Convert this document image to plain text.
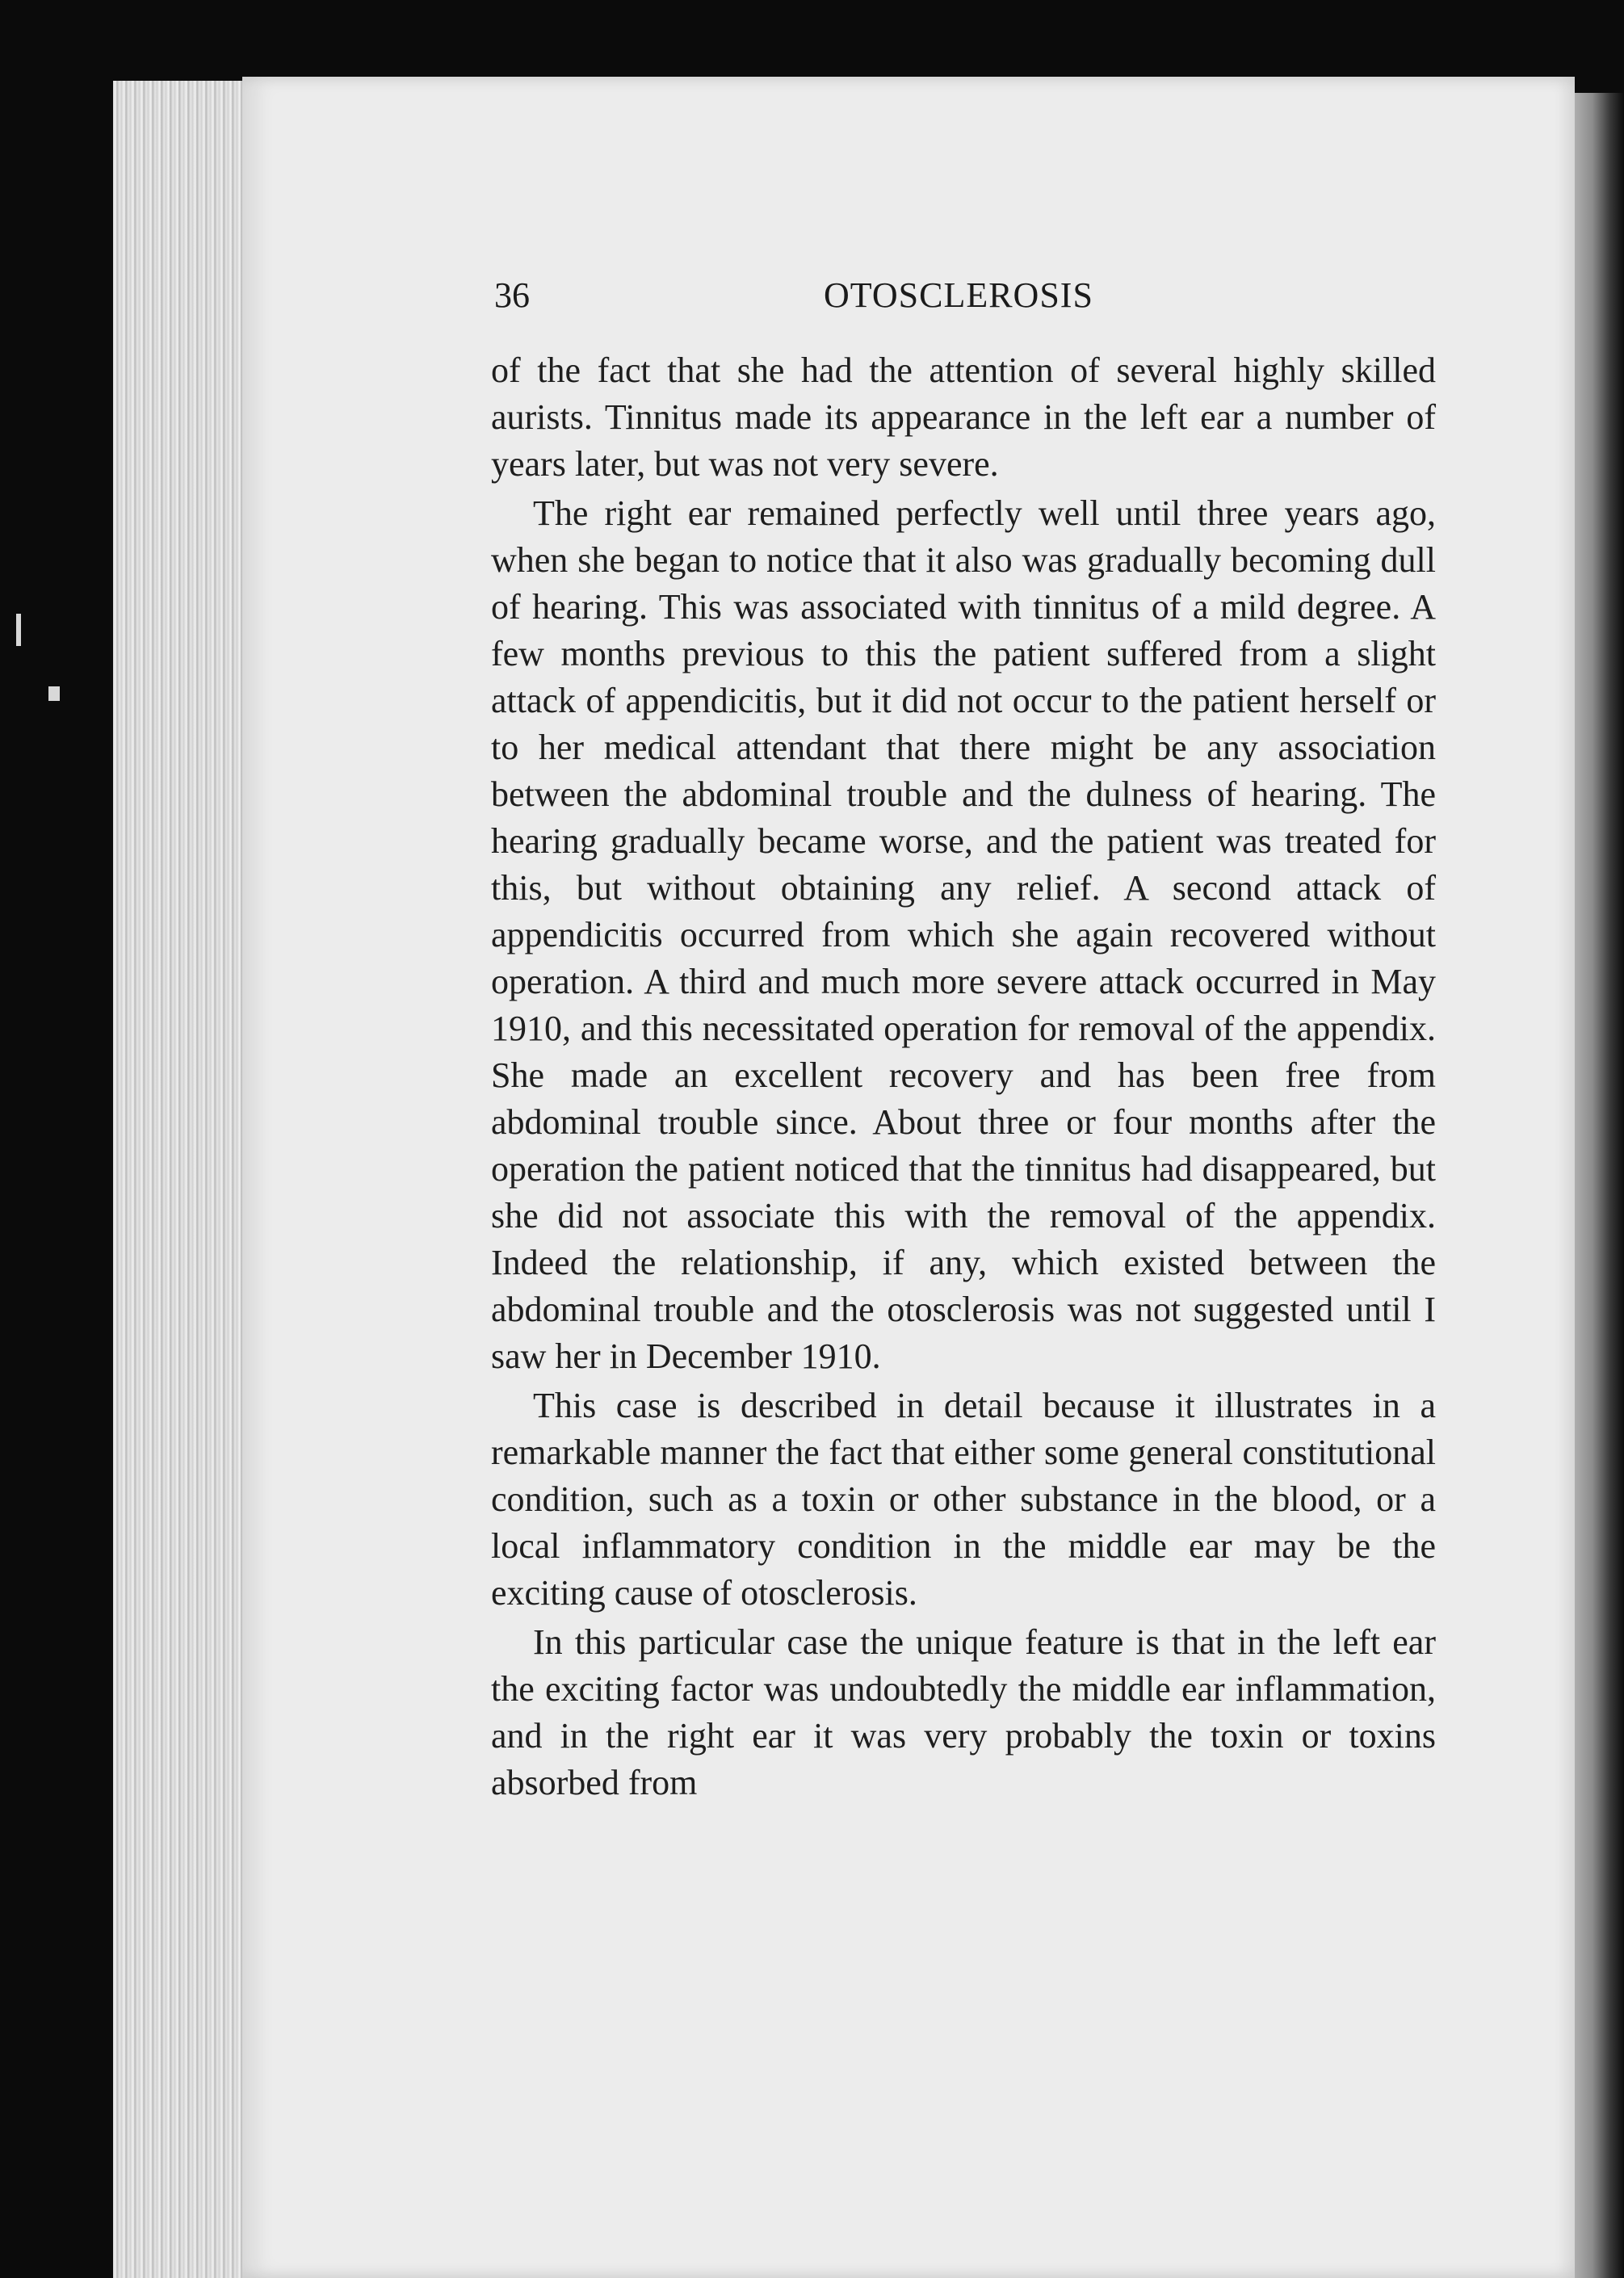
36	OTOSCLEROSIS

of the fact that she had the attention of several highly skilled aurists. Tinnitus made its appearance in the left ear a number of years later, but was not very severe.

The right ear remained perfectly well until three years ago, when she began to notice that it also was gradually becoming dull of hearing. This was associated with tinnitus of a mild degree. A few months previous to this the patient suffered from a slight attack of appendicitis, but it did not occur to the patient herself or to her medical attendant that there might be any association between the abdominal trouble and the dulness of hearing. The hearing gradually became worse, and the patient was treated for this, but without obtaining any relief. A second attack of appendicitis occurred from which she again recovered without operation. A third and much more severe attack occurred in May 1910, and this necessitated operation for removal of the appendix. She made an excellent recovery and has been free from abdominal trouble since. About three or four months after the operation the patient noticed that the tinnitus had disappeared, but she did not associate this with the removal of the appendix. Indeed the relationship, if any, which existed between the abdominal trouble and the otosclerosis was not suggested until I saw her in December 1910.

This case is described in detail because it illustrates in a remarkable manner the fact that either some general constitutional condition, such as a toxin or other substance in the blood, or a local inflammatory condition in the middle ear may be the exciting cause of otosclerosis.

In this particular case the unique feature is that in the left ear the exciting factor was undoubtedly the middle ear inflammation, and in the right ear it was very probably the toxin or toxins absorbed from
